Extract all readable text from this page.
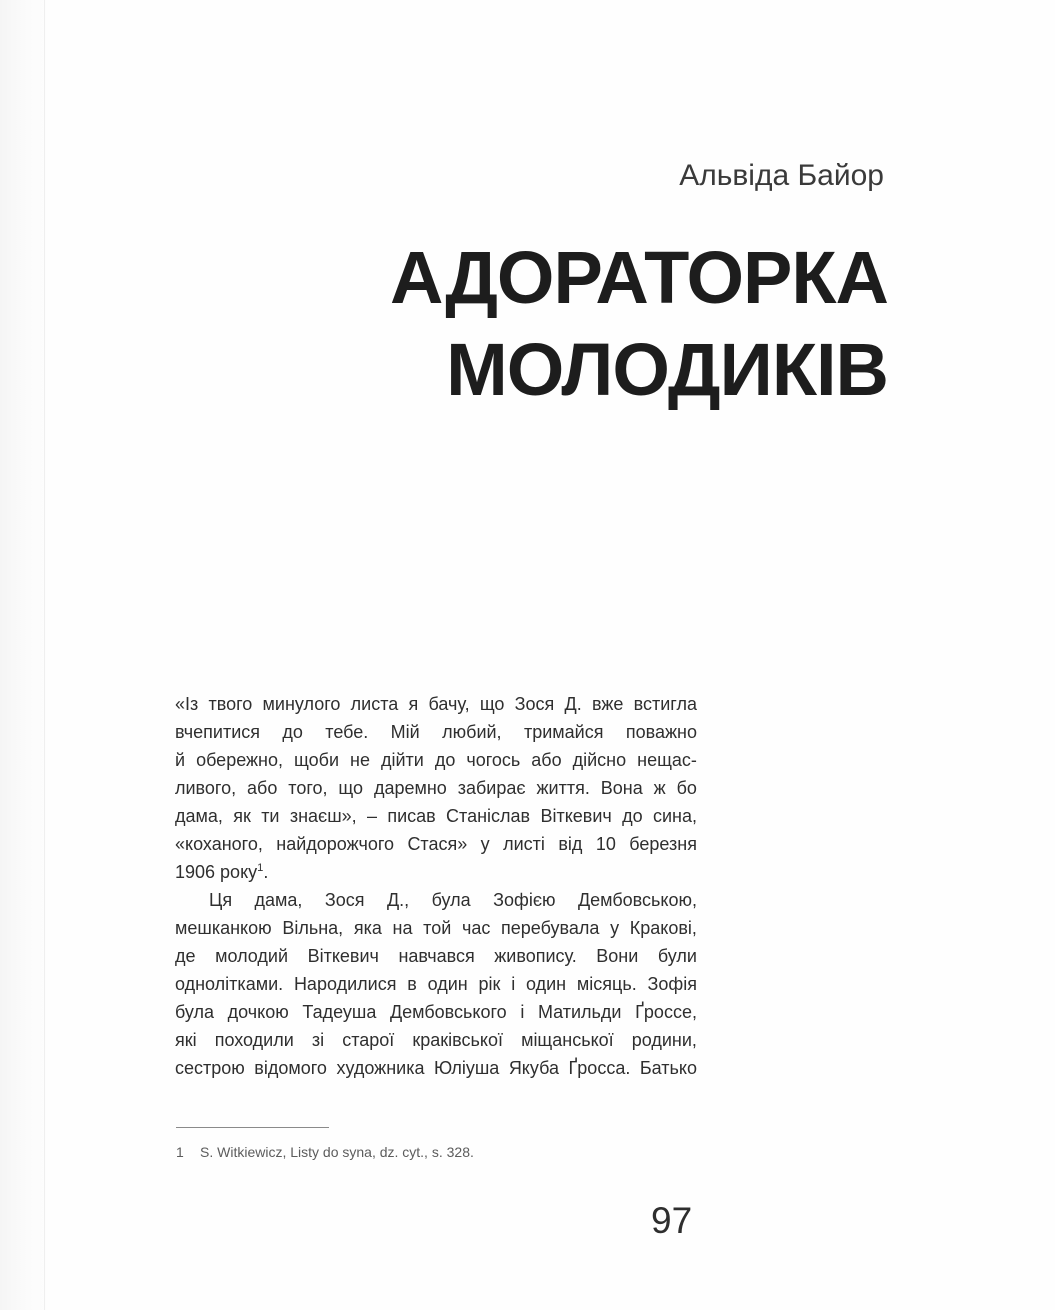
Альвіда Байор
АДОРАТОРКА
МОЛОДИКІВ
«Із твого минулого листа я бачу, що Зося Д. вже встигла
вчепитися до тебе. Мій любий, тримайся поважно
й обережно, щоби не дійти до чогось або дійсно нещас-
ливого, або того, що даремно забирає життя. Вона ж бо
дама, як ти знаєш», – писав Станіслав Віткевич до сина,
«коханого, найдорожчого Стася» у листі від 10 березня
1906 року$^1$.
Ця дама, Зося Д., була Зофією Дембовською,
мешканкою Вільна, яка на той час перебувала у Кракові,
де молодий Віткевич навчався живопису. Вони були
однолітками. Народилися в один рік і один місяць. Зофія
була дочкою Тадеуша Дембовського і Матильди Ґроссе,
які походили зі старої краківської міщанської родини,
сестрою відомого художника Юліуша Якуба Ґросса. Батько
1 S. Witkiewicz, Listy do syna, dz. cyt., s. 328.
97
